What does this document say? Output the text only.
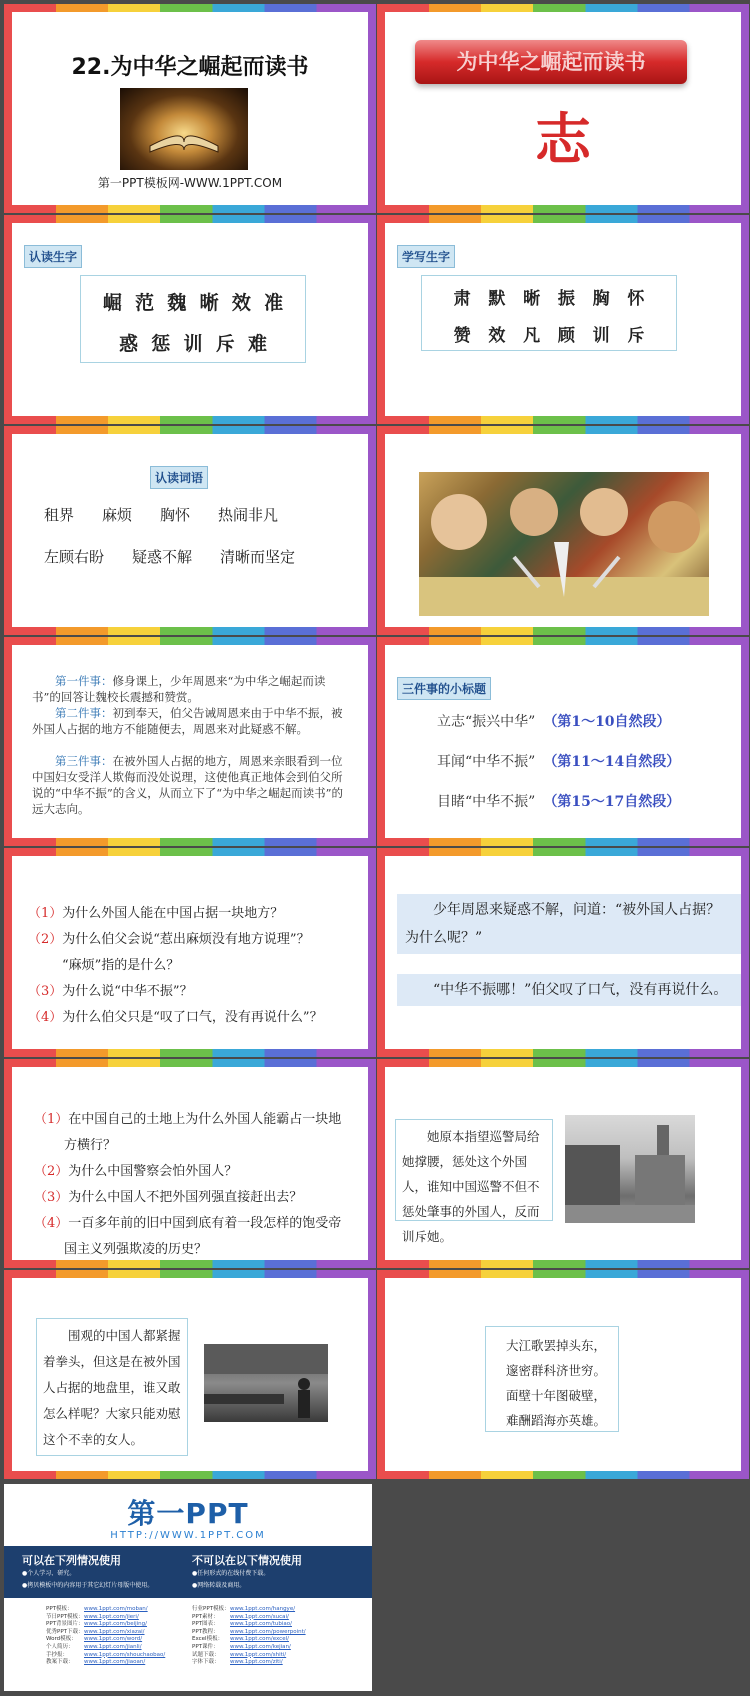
22.为中华之崛起而读书
第一PPT模板网-WWW.1PPT.COM
为中华之崛起而读书
志
认读生字
崛  范  魏  晰  效  准
惑  惩  训  斥  难
学写生字
肃   默   晰   振   胸   怀
赞   效   凡   顾   训   斥
认读词语
租界 麻烦 胸怀 热闹非凡
左顾右盼 疑惑不解 清晰而坚定
第一件事：修身课上，少年周恩来“为中华之崛起而读书”的回答让魏校长震撼和赞赏。
第二件事：初到奉天，伯父告诫周恩来由于中华不振，被外国人占据的地方不能随便去，周恩来对此疑惑不解。
第三件事：在被外国人占据的地方，周恩来亲眼看到一位中国妇女受洋人欺侮而没处说理，这使他真正地体会到伯父所说的“中华不振”的含义，从而立下了“为中华之崛起而读书”的远大志向。
三件事的小标题
立志“振兴中华” （第1～10自然段）
耳闻“中华不振” （第11～14自然段）
目睹“中华不振” （第15～17自然段）
（1）为什么外国人能在中国占据一块地方？
（2）为什么伯父会说“惹出麻烦没有地方说理”？
“麻烦”指的是什么？
（3）为什么说“中华不振”？
（4）为什么伯父只是“叹了口气，没有再说什么”？
少年周恩来疑惑不解，问道：“被外国人占据？为什么呢？”
“中华不振哪！”伯父叹了口气，没有再说什么。
（1）在中国自己的土地上为什么外国人能霸占一块地方横行？
（2）为什么中国警察会怕外国人？
（3）为什么中国人不把外国列强直接赶出去？
（4）一百多年前的旧中国到底有着一段怎样的饱受帝国主义列强欺凌的历史？
她原本指望巡警局给她撑腰，惩处这个外国人，谁知中国巡警不但不惩处肇事的外国人，反而训斥她。
围观的中国人都紧握着拳头，但这是在被外国人占据的地盘里，谁又敢怎么样呢？大家只能劝慰这个不幸的女人。
大江歌罢掉头东，
邃密群科济世穷。
面壁十年图破壁，
难酬蹈海亦英雄。
第一PPT
HTTP://WWW.1PPT.COM
可以在下列情况使用
●个人学习、研究。
●拷贝模板中的内容用于其它幻灯片母版中使用。
不可以在以下情况使用
●任何形式的在线付费下载。
●网络转载及商用。
PPT模板： www.1ppt.com/moban/
节日PPT模板：www.1ppt.com/jieri/
PPT背景图片：www.1ppt.com/beijing/
优秀PPT下载：www.1ppt.com/xiazai/
Word模板： www.1ppt.com/word/
个人简历： www.1ppt.com/jianli/
手抄报：	www.1ppt.com/shouchaobao/
教案下载： www.1ppt.com/jiaoan/
行业PPT模板：www.1ppt.com/hangye/
PPT素材： www.1ppt.com/sucai/
PPT图表： www.1ppt.com/tubiao/
PPT教程： www.1ppt.com/powerpoint/
Excel模板： www.1ppt.com/excel/
PPT课件： www.1ppt.com/kejian/
试题下载： www.1ppt.com/shiti/
字体下载： www.1ppt.com/ziti/
